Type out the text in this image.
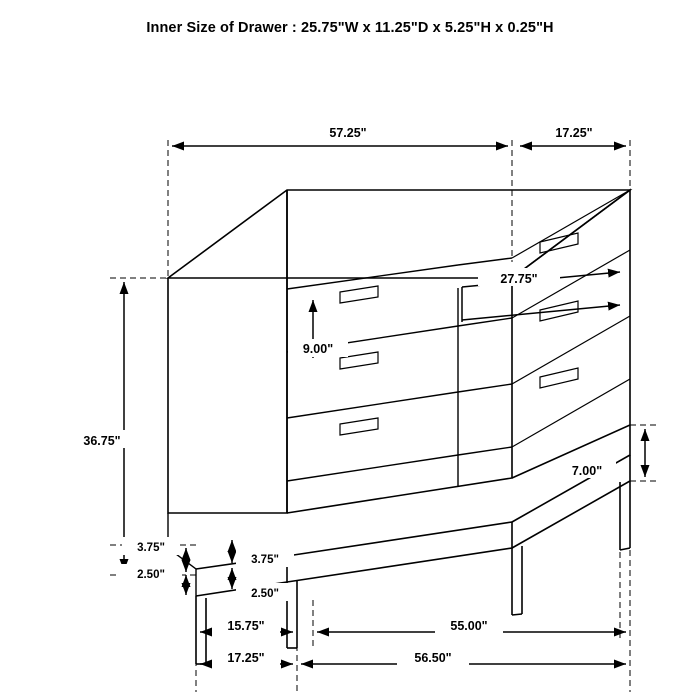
Inner Size of Drawer : 25.75"W x 11.25"D x 5.25"H x 0.25"H
57.25"	17.25"
27.75"
9.00"
36.75"
7.00"
3.75"
2.50"
3.75"
2.50"
15.75"	55.00"
17.25"	56.50"
